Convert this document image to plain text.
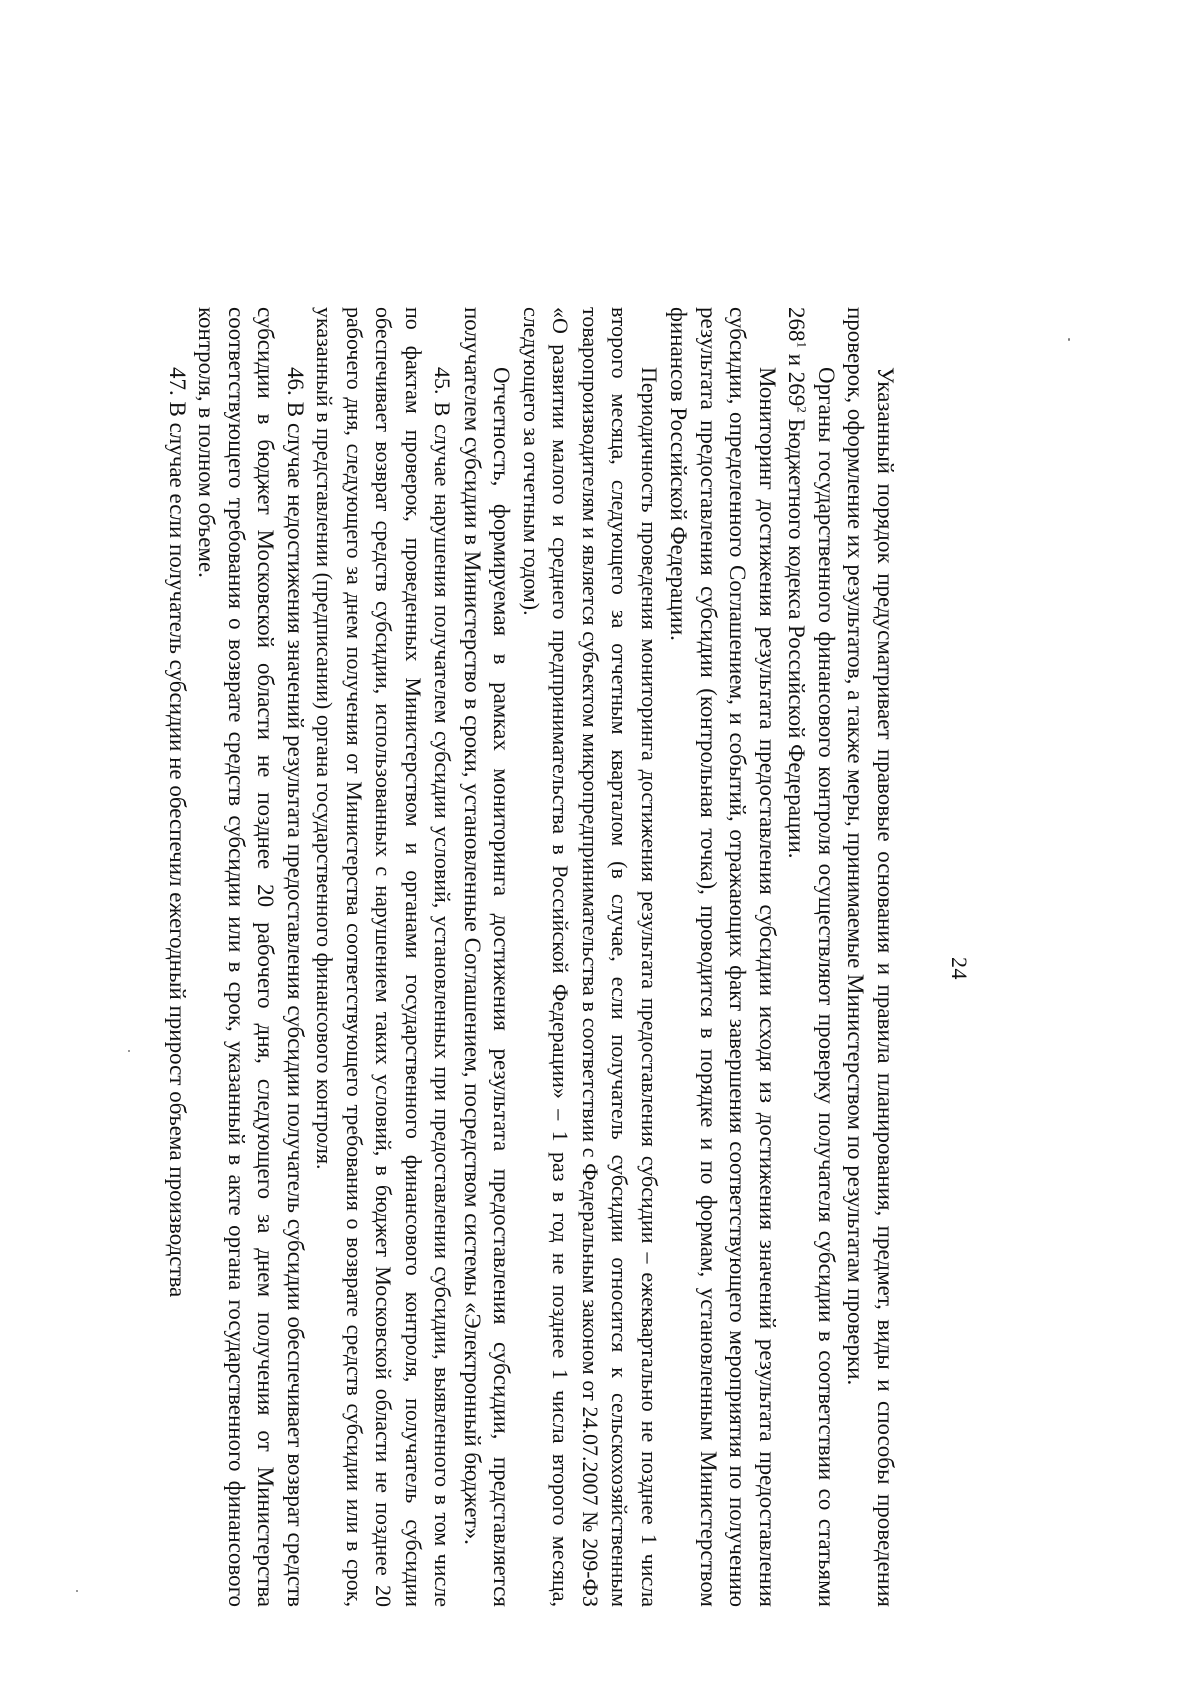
24

Указанный порядок предусматривает правовые основания и правила планирования, предмет, виды и способы проведения проверок, оформление их результатов, а также меры, принимаемые Министерством по результатам проверки.

Органы государственного финансового контроля осуществляют проверку получателя субсидии в соответствии со статьями $268^1$ и $269^2$ Бюджетного кодекса Российской Федерации.

Мониторинг достижения результата предоставления субсидии исходя из достижения значений результата предоставления субсидии, определенного Соглашением, и событий, отражающих факт завершения соответствующего мероприятия по получению результата предоставления субсидии (контрольная точка), проводится в порядке и по формам, установленным Министерством финансов Российской Федерации.

Периодичность проведения мониторинга достижения результата предоставления субсидии – ежеквартально не позднее 1 числа второго месяца, следующего за отчетным кварталом (в случае, если получатель субсидии относится к сельскохозяйственным товаропроизводителям и является субъектом микропредпринимательства в соответствии с Федеральным законом от 24.07.2007 № 209-ФЗ «О развитии малого и среднего предпринимательства в Российской Федерации» – 1 раз в год не позднее 1 числа второго месяца, следующего за отчетным годом).

Отчетность, формируемая в рамках мониторинга достижения результата предоставления субсидии, представляется получателем субсидии в Министерство в сроки, установленные Соглашением, посредством системы «Электронный бюджет».

45. В случае нарушения получателем субсидии условий, установленных при предоставлении субсидии, выявленного в том числе по фактам проверок, проведенных Министерством и органами государственного финансового контроля, получатель субсидии обеспечивает возврат средств субсидии, использованных с нарушением таких условий, в бюджет Московской области не позднее 20 рабочего дня, следующего за днем получения от Министерства соответствующего требования о возврате средств субсидии или в срок, указанный в представлении (предписании) органа государственного финансового контроля.

46. В случае недостижения значений результата предоставления субсидии получатель субсидии обеспечивает возврат средств субсидии в бюджет Московской области не позднее 20 рабочего дня, следующего за днем получения от Министерства соответствующего требования о возврате средств субсидии или в срок, указанный в акте органа государственного финансового контроля, в полном объеме.

47. В случае если получатель субсидии не обеспечил ежегодный прирост объема производства
